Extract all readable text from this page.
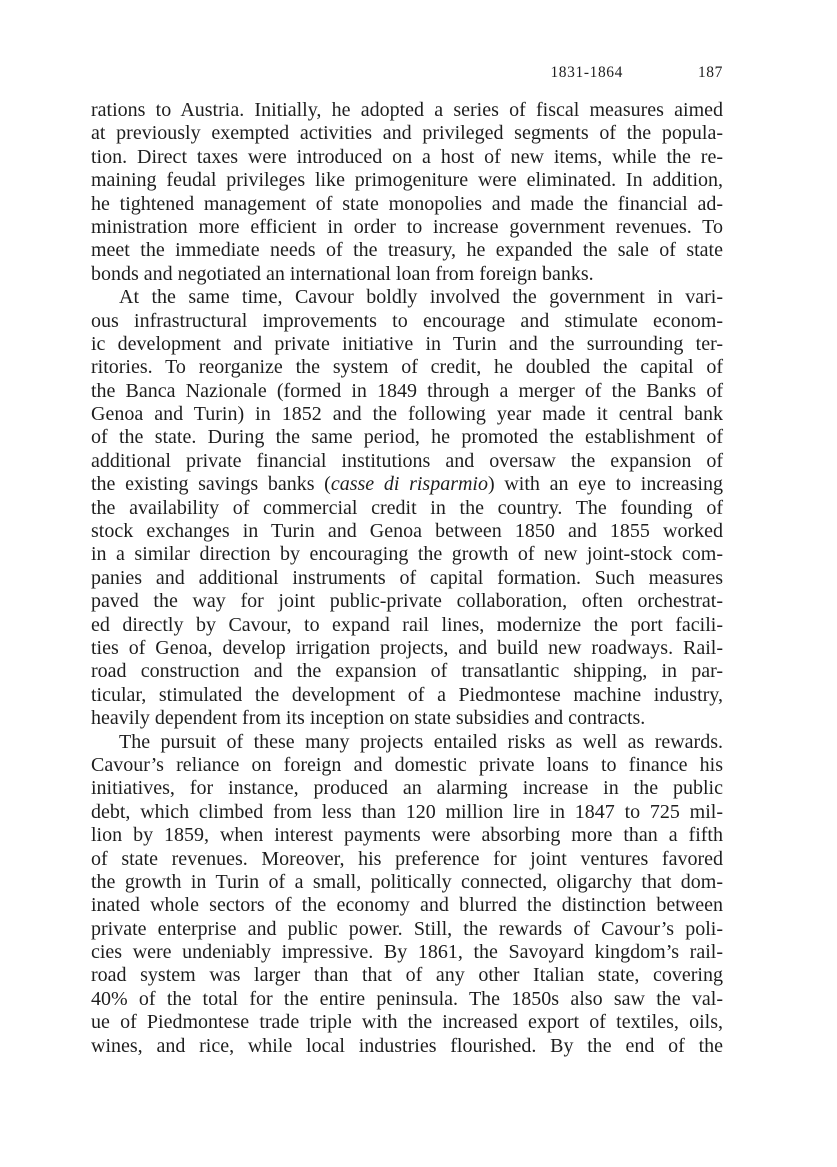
1831-1864	187
rations to Austria. Initially, he adopted a series of fiscal measures aimed
at previously exempted activities and privileged segments of the popula-
tion. Direct taxes were introduced on a host of new items, while the re-
maining feudal privileges like primogeniture were eliminated. In addition,
he tightened management of state monopolies and made the financial ad-
ministration more efficient in order to increase government revenues. To
meet the immediate needs of the treasury, he expanded the sale of state
bonds and negotiated an international loan from foreign banks.
At the same time, Cavour boldly involved the government in vari-
ous infrastructural improvements to encourage and stimulate econom-
ic development and private initiative in Turin and the surrounding ter-
ritories. To reorganize the system of credit, he doubled the capital of
the Banca Nazionale (formed in 1849 through a merger of the Banks of
Genoa and Turin) in 1852 and the following year made it central bank
of the state. During the same period, he promoted the establishment of
additional private financial institutions and oversaw the expansion of
the existing savings banks (casse di risparmio) with an eye to increasing
the availability of commercial credit in the country. The founding of
stock exchanges in Turin and Genoa between 1850 and 1855 worked
in a similar direction by encouraging the growth of new joint-stock com-
panies and additional instruments of capital formation. Such measures
paved the way for joint public-private collaboration, often orchestrat-
ed directly by Cavour, to expand rail lines, modernize the port facili-
ties of Genoa, develop irrigation projects, and build new roadways. Rail-
road construction and the expansion of transatlantic shipping, in par-
ticular, stimulated the development of a Piedmontese machine industry,
heavily dependent from its inception on state subsidies and contracts.
The pursuit of these many projects entailed risks as well as rewards.
Cavour’s reliance on foreign and domestic private loans to finance his
initiatives, for instance, produced an alarming increase in the public
debt, which climbed from less than 120 million lire in 1847 to 725 mil-
lion by 1859, when interest payments were absorbing more than a fifth
of state revenues. Moreover, his preference for joint ventures favored
the growth in Turin of a small, politically connected, oligarchy that dom-
inated whole sectors of the economy and blurred the distinction between
private enterprise and public power. Still, the rewards of Cavour’s poli-
cies were undeniably impressive. By 1861, the Savoyard kingdom’s rail-
road system was larger than that of any other Italian state, covering
40% of the total for the entire peninsula. The 1850s also saw the val-
ue of Piedmontese trade triple with the increased export of textiles, oils,
wines, and rice, while local industries flourished. By the end of the
